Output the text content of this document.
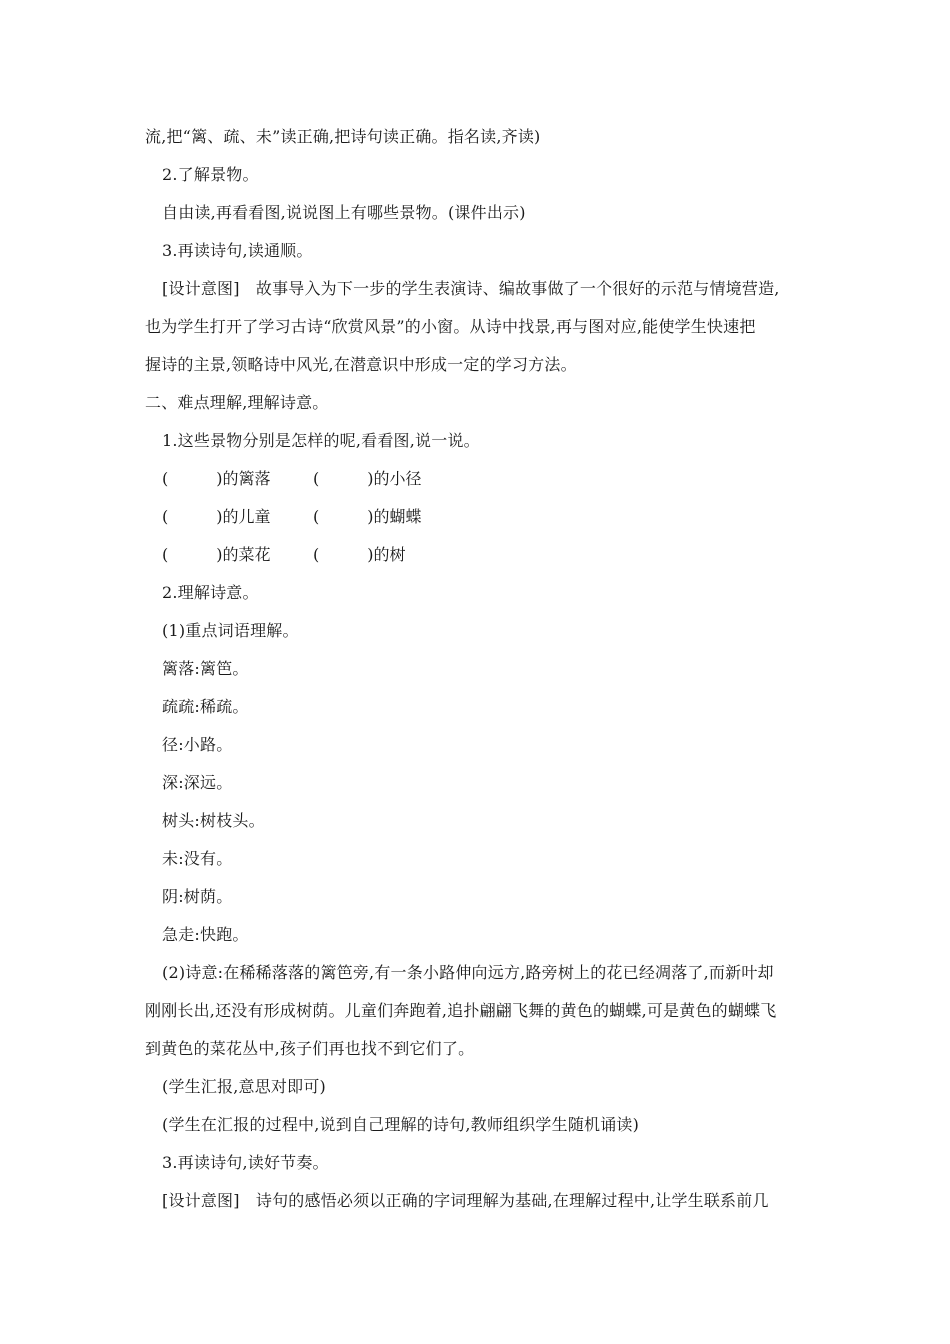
流,把“篱、疏、未”读正确,把诗句读正确。指名读,齐读)
2.了解景物。
自由读,再看看图,说说图上有哪些景物。(课件出示)
3.再读诗句,读通顺。
[设计意图]　故事导入为下一步的学生表演诗、编故事做了一个很好的示范与情境营造,
也为学生打开了学习古诗“欣赏风景”的小窗。从诗中找景,再与图对应,能使学生快速把
握诗的主景,领略诗中风光,在潜意识中形成一定的学习方法。
二、难点理解,理解诗意。
1.这些景物分别是怎样的呢,看看图,说一说。
(　　　)的篱落	(　　　)的小径
(　　　)的儿童	(　　　)的蝴蝶
(　　　)的菜花	(　　　)的树
2.理解诗意。
(1)重点词语理解。
篱落:篱笆。
疏疏:稀疏。
径:小路。
深:深远。
树头:树枝头。
未:没有。
阴:树荫。
急走:快跑。
(2)诗意:在稀稀落落的篱笆旁,有一条小路伸向远方,路旁树上的花已经凋落了,而新叶却
刚刚长出,还没有形成树荫。儿童们奔跑着,追扑翩翩飞舞的黄色的蝴蝶,可是黄色的蝴蝶飞
到黄色的菜花丛中,孩子们再也找不到它们了。
(学生汇报,意思对即可)
(学生在汇报的过程中,说到自己理解的诗句,教师组织学生随机诵读)
3.再读诗句,读好节奏。
[设计意图]　诗句的感悟必须以正确的字词理解为基础,在理解过程中,让学生联系前几
